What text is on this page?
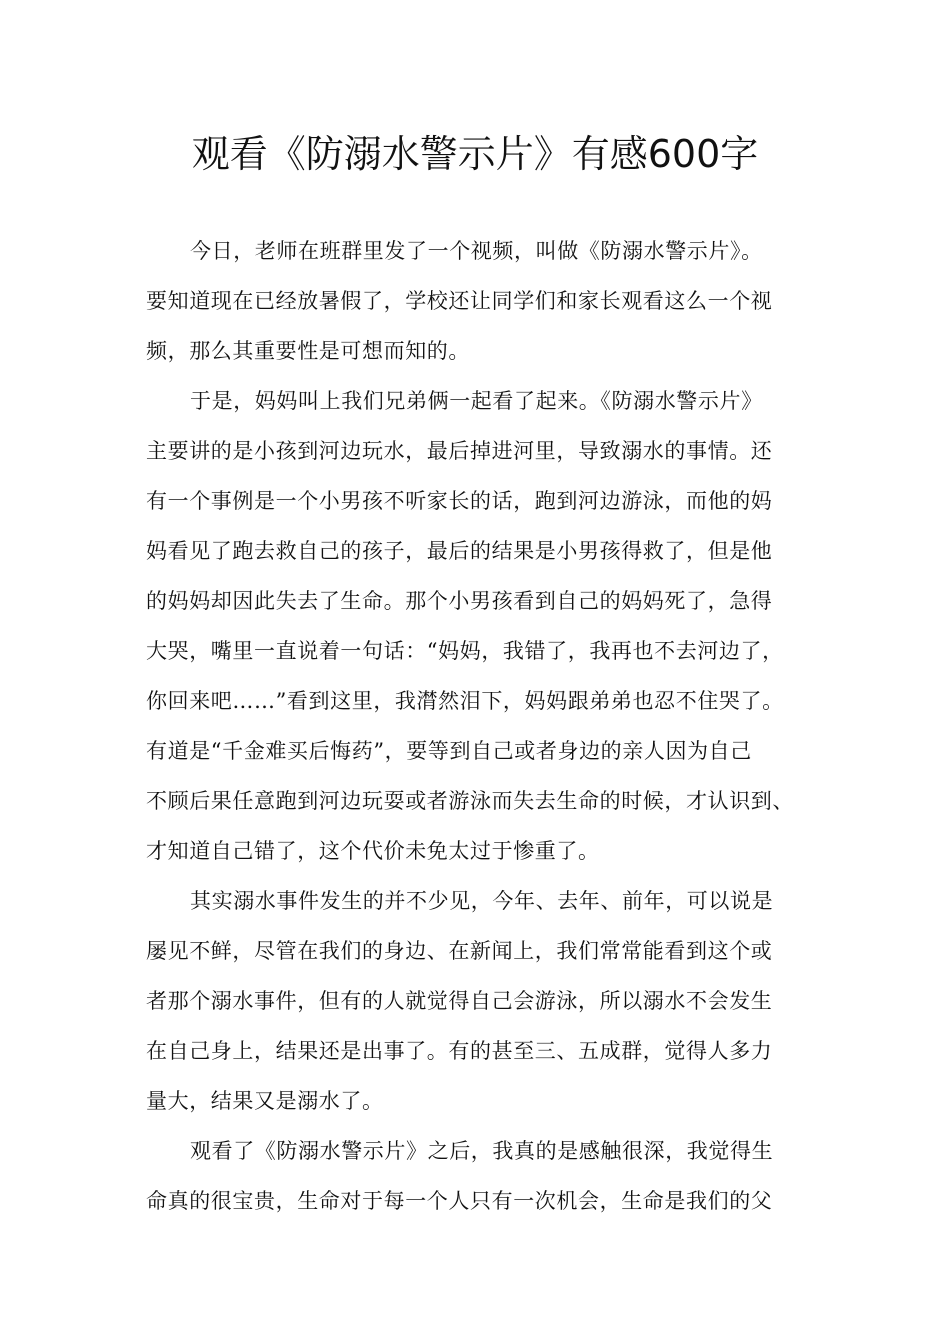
观看《防溺水警示片》有感600字
今日，老师在班群里发了一个视频，叫做《防溺水警示片》。
要知道现在已经放暑假了，学校还让同学们和家长观看这么一个视
频，那么其重要性是可想而知的。
于是，妈妈叫上我们兄弟俩一起看了起来。《防溺水警示片》
主要讲的是小孩到河边玩水，最后掉进河里，导致溺水的事情。还
有一个事例是一个小男孩不听家长的话，跑到河边游泳，而他的妈
妈看见了跑去救自己的孩子，最后的结果是小男孩得救了，但是他
的妈妈却因此失去了生命。那个小男孩看到自己的妈妈死了，急得
大哭，嘴里一直说着一句话：“妈妈，我错了，我再也不去河边了，
你回来吧……”看到这里，我潸然泪下，妈妈跟弟弟也忍不住哭了。
有道是“千金难买后悔药”，要等到自己或者身边的亲人因为自己
不顾后果任意跑到河边玩耍或者游泳而失去生命的时候，才认识到、
才知道自己错了，这个代价未免太过于惨重了。
其实溺水事件发生的并不少见，今年、去年、前年，可以说是
屡见不鲜，尽管在我们的身边、在新闻上，我们常常能看到这个或
者那个溺水事件，但有的人就觉得自己会游泳，所以溺水不会发生
在自己身上，结果还是出事了。有的甚至三、五成群，觉得人多力
量大，结果又是溺水了。
观看了《防溺水警示片》之后，我真的是感触很深，我觉得生
命真的很宝贵，生命对于每一个人只有一次机会，生命是我们的父
